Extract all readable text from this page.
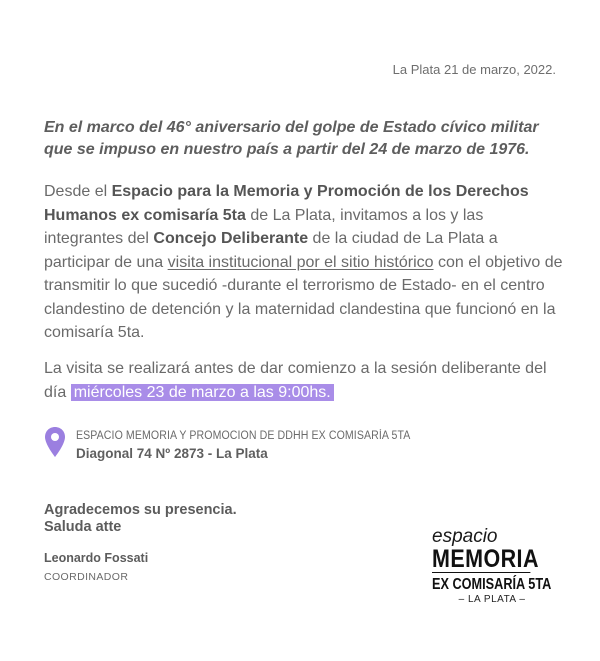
La Plata 21 de marzo, 2022.
En el marco del 46° aniversario del golpe de Estado cívico militar que se impuso en nuestro país a partir del 24 de marzo de 1976.
Desde el Espacio para la Memoria y Promoción de los Derechos Humanos ex comisaría 5ta de La Plata, invitamos a los y las integrantes del Concejo Deliberante de la ciudad de La Plata a participar de una visita institucional por el sitio histórico con el objetivo de transmitir lo que sucedió -durante el terrorismo de Estado- en el centro clandestino de detención y la maternidad clandestina que funcionó en la comisaría 5ta.
La visita se realizará antes de dar comienzo a la sesión deliberante del día miércoles 23 de marzo a las 9:00hs.
ESPACIO MEMORIA Y PROMOCION DE DDHH EX COMISARÍA 5TA
Diagonal 74 Nº 2873 - La Plata
Agradecemos su presencia.
Saluda atte
Leonardo Fossati
COORDINADOR
espacio
MEMORIA
EX COMISARÍA 5TA
– LA PLATA –
